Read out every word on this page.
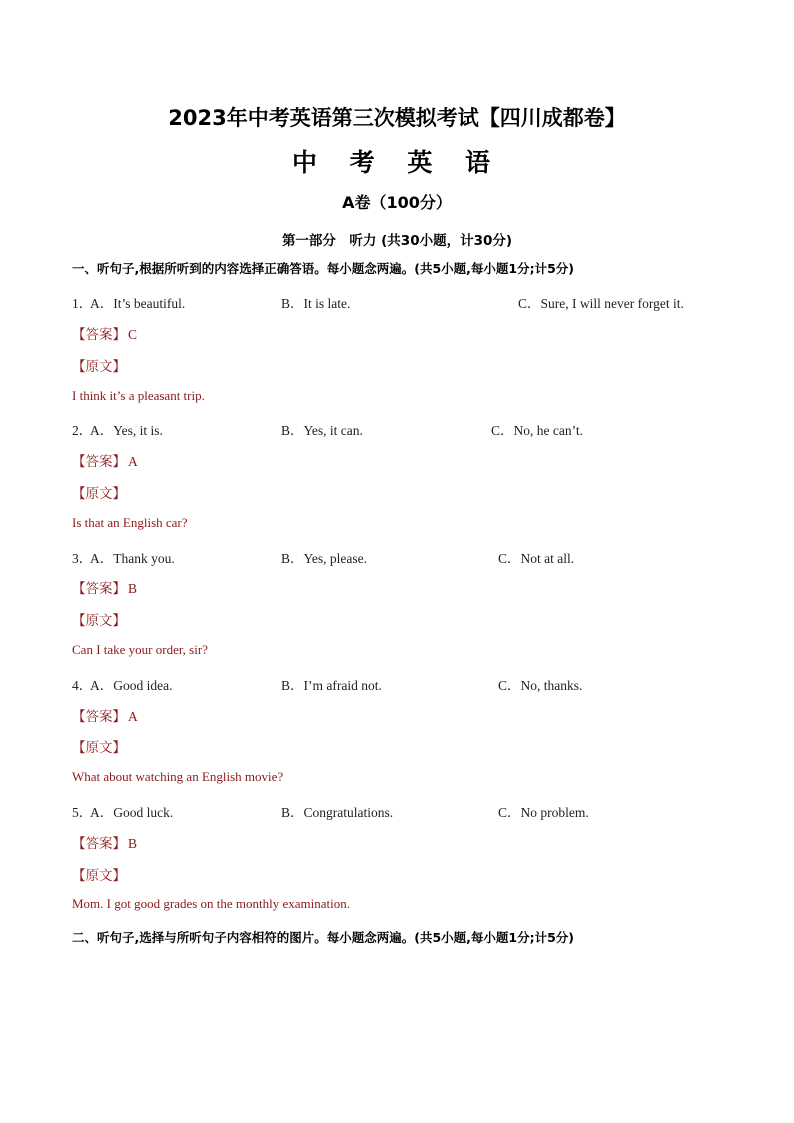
2023年中考英语第三次模拟考试【四川成都卷】
中 考 英 语
A卷（100分）
第一部分　听力 (共30小题，计30分)
一、听句子,根据所听到的内容选择正确答语。每小题念两遍。(共5小题,每小题1分;计5分)
1．
A．It’s beautiful.	B．It is late.	C．Sure, I will never forget it.
【答案】 C
【原文】
I think it’s a pleasant trip.
2．
A．Yes, it is.	B．Yes, it can.	C．No, he can’t.
【答案】 A
【原文】
Is that an English car?
3．
A．Thank you.	B．Yes, please.	C．Not at all.
【答案】 B
【原文】
Can I take your order, sir?
4．
A．Good idea.	B．I’m afraid not.	C．No, thanks.
【答案】 A
【原文】
What about watching an English movie?
5．
A．Good luck.	B．Congratulations.	C．No problem.
【答案】 B
【原文】
Mom. I got good grades on the monthly examination.
二、听句子,选择与所听句子内容相符的图片。每小题念两遍。(共5小题,每小题1分;计5分)
